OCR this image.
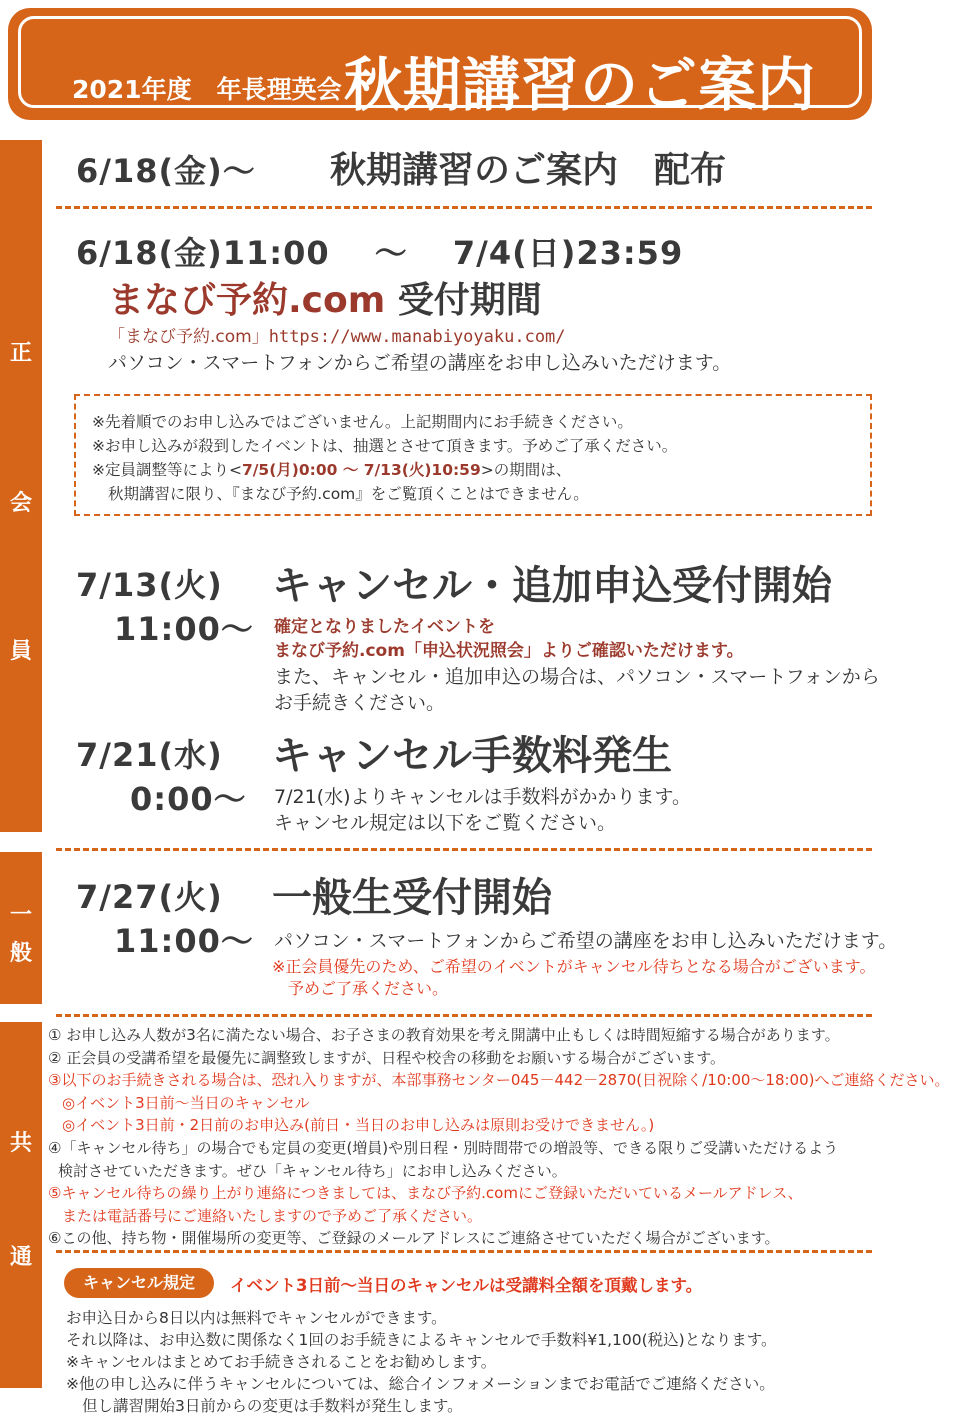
2021年度　年長理英会 秋期講習のご案内
正
会
員
一
般
共
通
6/18(金)～ 秋期講習のご案内　配布
6/18(金)11:00　 ～　 7/4(日)23:59
まなび予約.com 受付期間
「まなび予約.com」https://www.manabiyoyaku.com/
パソコン・スマートフォンからご希望の講座をお申し込みいただけます。
※先着順でのお申し込みではございません。上記期間内にお手続きください。
※お申し込みが殺到したイベントは、抽選とさせて頂きます。予めご了承ください。
※定員調整等により<7/5(月)0:00 ～ 7/13(火)10:59>の期間は、
秋期講習に限り、『まなび予約.com』をご覧頂くことはできません。
7/13(火)
11:00～
キャンセル・追加申込受付開始
確定となりましたイベントを
まなび予約.com「申込状況照会」よりご確認いただけます。
また、キャンセル・追加申込の場合は、パソコン・スマートフォンから
お手続きください。
7/21(水)
0:00～
キャンセル手数料発生
7/21(水)よりキャンセルは手数料がかかります。
キャンセル規定は以下をご覧ください。
7/27(火)
11:00～
一般生受付開始
パソコン・スマートフォンからご希望の講座をお申し込みいただけます。
※正会員優先のため、ご希望のイベントがキャンセル待ちとなる場合がございます。
予めご了承ください。
① お申し込み人数が3名に満たない場合、お子さまの教育効果を考え開講中止もしくは時間短縮する場合があります。
② 正会員の受講希望を最優先に調整致しますが、日程や校舎の移動をお願いする場合がございます。
③以下のお手続きされる場合は、恐れ入りますが、本部事務センター045－442－2870(日祝除く/10:00～18:00)へご連絡ください。
◎イベント3日前～当日のキャンセル
◎イベント3日前・2日前のお申込み(前日・当日のお申し込みは原則お受けできません。)
④「キャンセル待ち」の場合でも定員の変更(増員)や別日程・別時間帯での増設等、できる限りご受講いただけるよう
検討させていただきます。ぜひ「キャンセル待ち」にお申し込みください。
⑤キャンセル待ちの繰り上がり連絡につきましては、まなび予約.comにご登録いただいているメールアドレス、
または電話番号にご連絡いたしますので予めご了承ください。
⑥この他、持ち物・開催場所の変更等、ご登録のメールアドレスにご連絡させていただく場合がございます。
キャンセル規定	イベント3日前～当日のキャンセルは受講料全額を頂戴します。
お申込日から8日以内は無料でキャンセルができます。
それ以降は、お申込数に関係なく1回のお手続きによるキャンセルで手数料¥1,100(税込)となります。
※キャンセルはまとめてお手続きされることをお勧めします。
※他の申し込みに伴うキャンセルについては、総合インフォメーションまでお電話でご連絡ください。
但し講習開始3日前からの変更は手数料が発生します。
